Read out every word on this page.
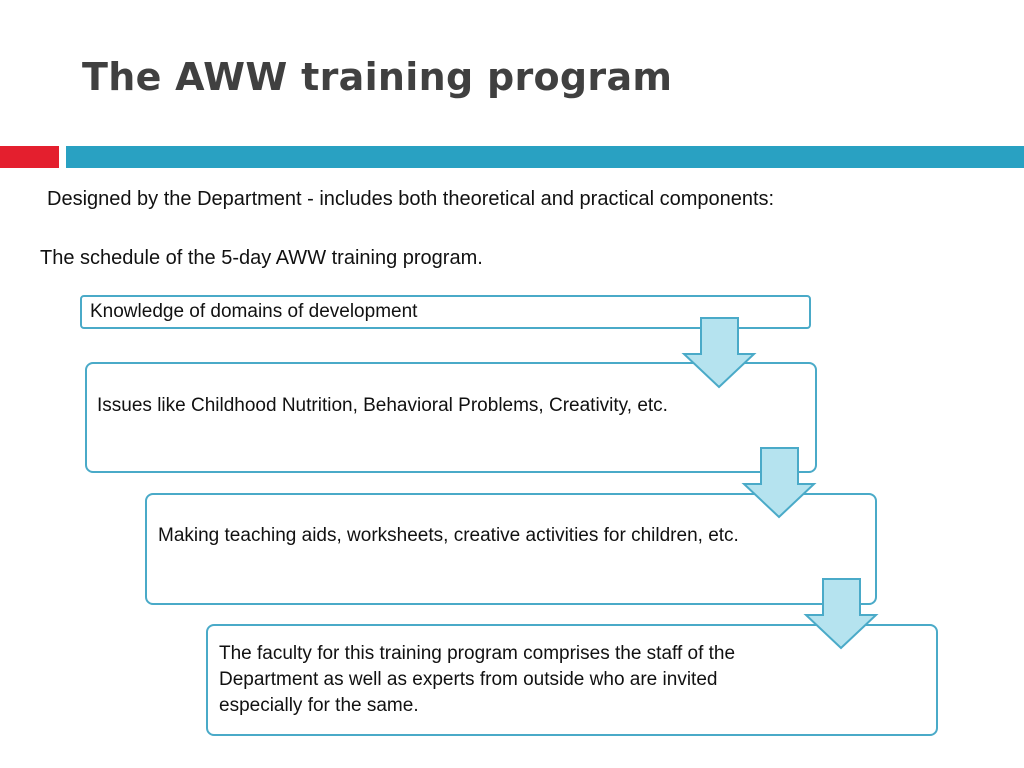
The AWW training program
Designed by the Department - includes both theoretical and practical components:
The schedule of the 5-day AWW training program.
Knowledge of domains of development
Issues like Childhood Nutrition, Behavioral Problems, Creativity, etc.
Making teaching aids, worksheets, creative activities for children, etc.
The faculty for this training program comprises the staff of the Department as well as experts from outside who are invited especially for the same.
